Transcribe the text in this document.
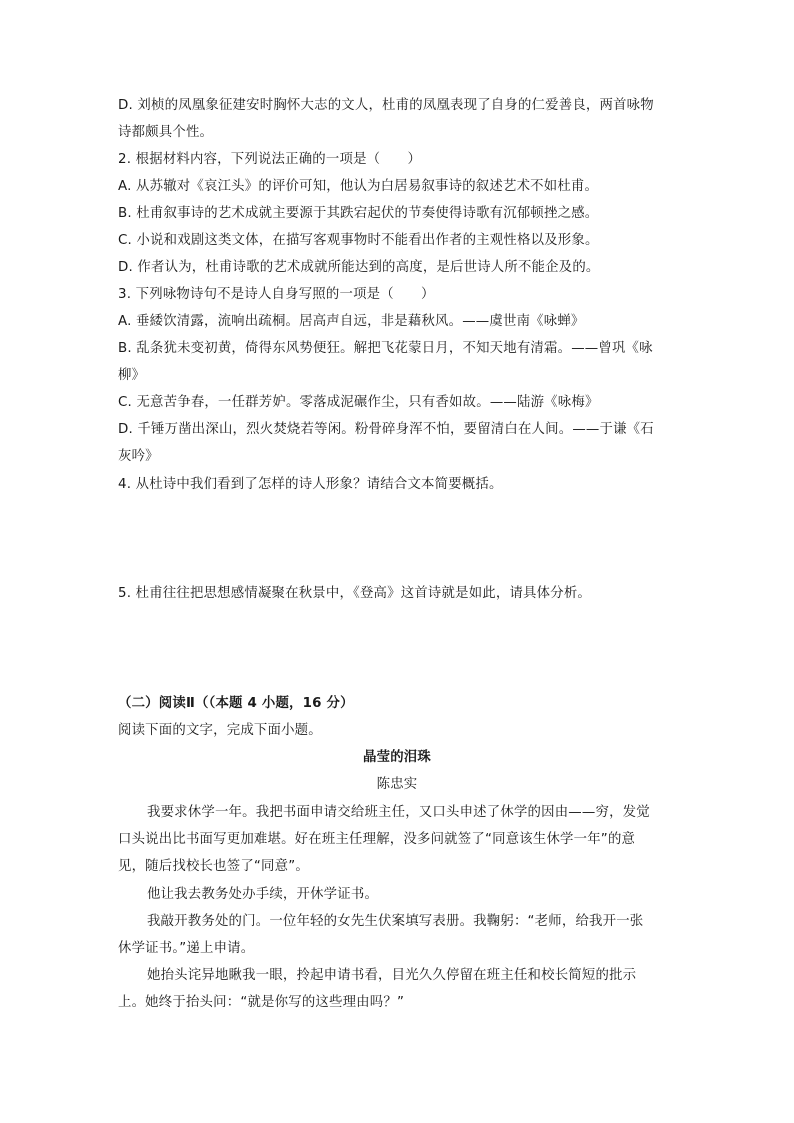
D. 刘桢的凤凰象征建安时胸怀大志的文人，杜甫的凤凰表现了自身的仁爱善良，两首咏物
诗都颇具个性。
2. 根据材料内容，下列说法正确的一项是（　　）
A. 从苏辙对《哀江头》的评价可知，他认为白居易叙事诗的叙述艺术不如杜甫。
B. 杜甫叙事诗的艺术成就主要源于其跌宕起伏的节奏使得诗歌有沉郁顿挫之感。
C. 小说和戏剧这类文体，在描写客观事物时不能看出作者的主观性格以及形象。
D. 作者认为，杜甫诗歌的艺术成就所能达到的高度，是后世诗人所不能企及的。
3. 下列咏物诗句不是诗人自身写照的一项是（　　）
A. 垂緌饮清露，流响出疏桐。居高声自远，非是藉秋风。——虞世南《咏蝉》
B. 乱条犹未变初黄，倚得东风势便狂。解把飞花蒙日月，不知天地有清霜。——曾巩《咏
柳》
C. 无意苦争春，一任群芳妒。零落成泥碾作尘，只有香如故。——陆游《咏梅》
D. 千锤万凿出深山，烈火焚烧若等闲。粉骨碎身浑不怕，要留清白在人间。——于谦《石
灰吟》
4. 从杜诗中我们看到了怎样的诗人形象？请结合文本简要概括。
5. 杜甫往往把思想感情凝聚在秋景中，《登高》这首诗就是如此，请具体分析。
（二）阅读Ⅱ（（本题 4 小题，16 分）
阅读下面的文字，完成下面小题。
晶莹的泪珠
陈忠实
我要求休学一年。我把书面申请交给班主任，又口头申述了休学的因由——穷，发觉
口头说出比书面写更加难堪。好在班主任理解，没多问就签了“同意该生休学一年”的意
见，随后找校长也签了“同意”。
他让我去教务处办手续，开休学证书。
我敲开教务处的门。一位年轻的女先生伏案填写表册。我鞠躬：“老师，给我开一张
休学证书。”递上申请。
她抬头诧异地瞅我一眼，拎起申请书看，目光久久停留在班主任和校长简短的批示
上。她终于抬头问：“就是你写的这些理由吗？”
